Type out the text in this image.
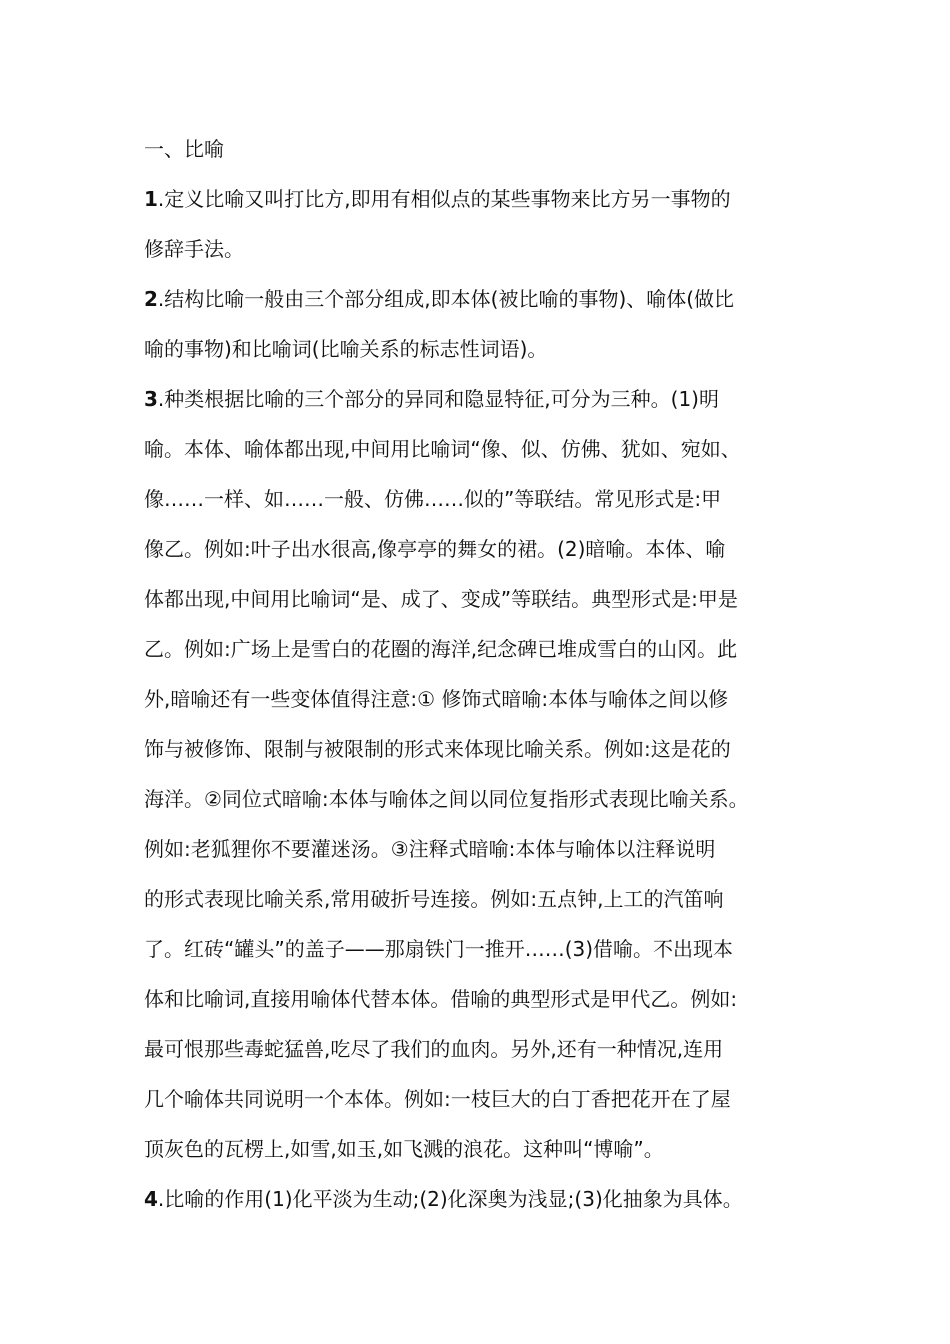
一、比喻
1.定义比喻又叫打比方,即用有相似点的某些事物来比方另一事物的
修辞手法。
2.结构比喻一般由三个部分组成,即本体(被比喻的事物)、喻体(做比
喻的事物)和比喻词(比喻关系的标志性词语)。
3.种类根据比喻的三个部分的异同和隐显特征,可分为三种。(1)明
喻。本体、喻体都出现,中间用比喻词“像、似、仿佛、犹如、宛如、
像……一样、如……一般、仿佛……似的”等联结。常见形式是:甲
像乙。例如:叶子出水很高,像亭亭的舞女的裙。(2)暗喻。本体、喻
体都出现,中间用比喻词“是、成了、变成”等联结。典型形式是:甲是
乙。例如:广场上是雪白的花圈的海洋,纪念碑已堆成雪白的山冈。此
外,暗喻还有一些变体值得注意:① 修饰式暗喻:本体与喻体之间以修
饰与被修饰、限制与被限制的形式来体现比喻关系。例如:这是花的
海洋。②同位式暗喻:本体与喻体之间以同位复指形式表现比喻关系。
例如:老狐狸你不要灌迷汤。③注释式暗喻:本体与喻体以注释说明
的形式表现比喻关系,常用破折号连接。例如:五点钟,上工的汽笛响
了。红砖“罐头”的盖子——那扇铁门一推开……(3)借喻。不出现本
体和比喻词,直接用喻体代替本体。借喻的典型形式是甲代乙。例如:
最可恨那些毒蛇猛兽,吃尽了我们的血肉。另外,还有一种情况,连用
几个喻体共同说明一个本体。例如:一枝巨大的白丁香把花开在了屋
顶灰色的瓦楞上,如雪,如玉,如飞溅的浪花。这种叫“博喻”。
4.比喻的作用(1)化平淡为生动;(2)化深奥为浅显;(3)化抽象为具体。
